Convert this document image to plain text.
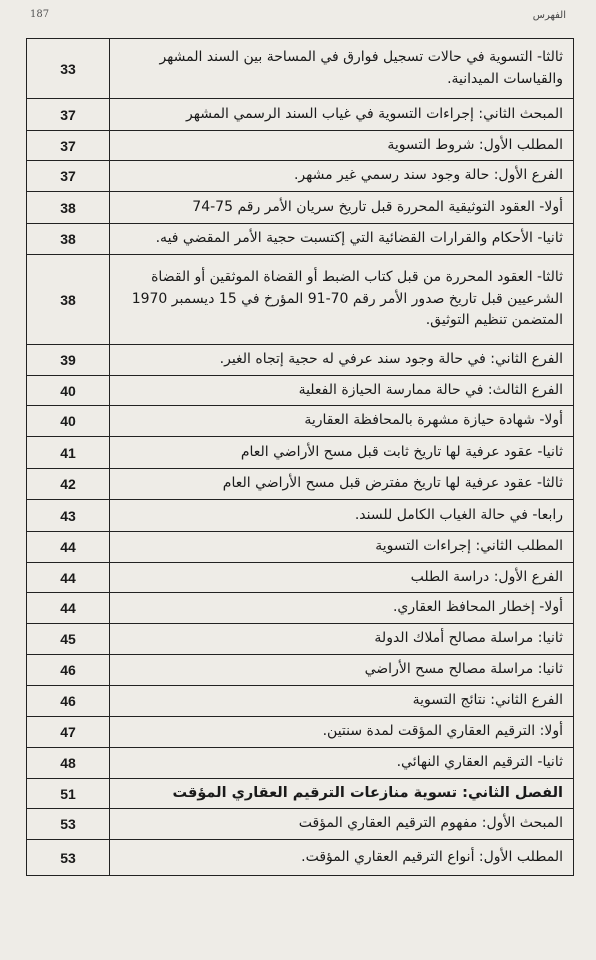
187	الفهرس
ثالثا- التسوية في حالات تسجيل فوارق في المساحة بين السند المشهر والقياسات الميدانية.	33
المبحث الثاني: إجراءات التسوية في غياب السند الرسمي المشهر	37
المطلب الأول: شروط التسوية	37
الفرع الأول: حالة وجود سند رسمي غير مشهر.	37
أولا- العقود التوثيقية المحررة قبل تاريخ سريان الأمر رقم 75-74	38
ثانيا- الأحكام والقرارات القضائية التي إكتسبت حجية الأمر المقضي فيه.	38
ثالثا- العقود المحررة من قبل كتاب الضبط أو القضاة الموثقين أو القضاة الشرعيين قبل تاريخ صدور الأمر رقم 70-91 المؤرخ في 15 ديسمبر 1970 المتضمن تنظيم التوثيق.	38
الفرع الثاني: في حالة وجود سند عرفي له حجية إتجاه الغير.	39
الفرع الثالث: في حالة ممارسة الحيازة الفعلية	40
أولا- شهادة حيازة مشهرة بالمحافظة العقارية	40
ثانيا- عقود عرفية لها تاريخ ثابت قبل مسح الأراضي العام	41
ثالثا- عقود عرفية لها تاريخ مفترض قبل مسح الأراضي العام	42
رابعا- في حالة الغياب الكامل للسند.	43
المطلب الثاني: إجراءات التسوية	44
الفرع الأول: دراسة الطلب	44
أولا- إخطار المحافظ العقاري.	44
ثانيا: مراسلة مصالح أملاك الدولة	45
ثانيا: مراسلة مصالح مسح الأراضي	46
الفرع الثاني: نتائج التسوية	46
أولا: الترقيم العقاري المؤقت لمدة سنتين.	47
ثانيا- الترقيم العقاري النهائي.	48
الفصل الثاني: تسوية منازعات الترقيم العقاري المؤقت	51
المبحث الأول: مفهوم الترقيم العقاري المؤقت	53
المطلب الأول: أنواع الترقيم العقاري المؤقت.	53
